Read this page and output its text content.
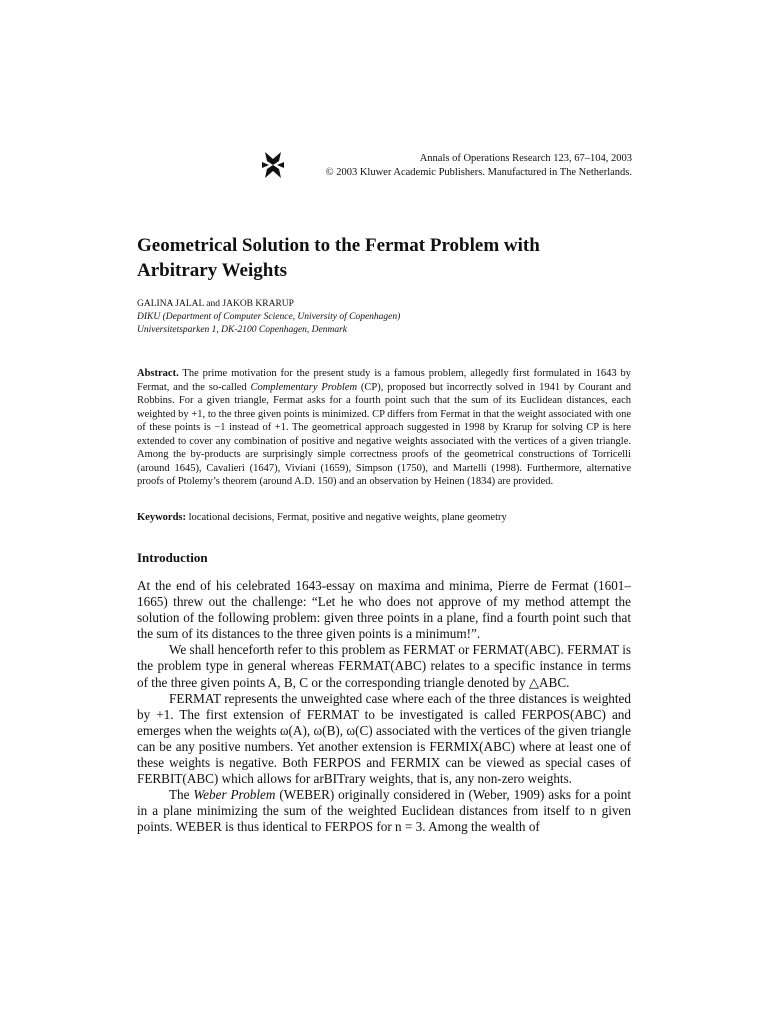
Annals of Operations Research 123, 67–104, 2003
© 2003 Kluwer Academic Publishers. Manufactured in The Netherlands.
Geometrical Solution to the Fermat Problem with
Arbitrary Weights
GALINA JALAL and JAKOB KRARUP
DIKU (Department of Computer Science, University of Copenhagen)
Universitetsparken 1, DK-2100 Copenhagen, Denmark
Abstract. The prime motivation for the present study is a famous problem, allegedly first formulated in 1643 by Fermat, and the so-called Complementary Problem (CP), proposed but incorrectly solved in 1941 by Courant and Robbins. For a given triangle, Fermat asks for a fourth point such that the sum of its Euclidean distances, each weighted by +1, to the three given points is minimized. CP differs from Fermat in that the weight associated with one of these points is −1 instead of +1. The geometrical approach suggested in 1998 by Krarup for solving CP is here extended to cover any combination of positive and negative weights associated with the vertices of a given triangle. Among the by-products are surprisingly simple correctness proofs of the geometrical constructions of Torricelli (around 1645), Cavalieri (1647), Viviani (1659), Simpson (1750), and Martelli (1998). Furthermore, alternative proofs of Ptolemy’s theorem (around A.D. 150) and an observation by Heinen (1834) are provided.
Keywords: locational decisions, Fermat, positive and negative weights, plane geometry
Introduction

At the end of his celebrated 1643-essay on maxima and minima, Pierre de Fermat (1601–1665) threw out the challenge: “Let he who does not approve of my method attempt the solution of the following problem: given three points in a plane, find a fourth point such that the sum of its distances to the three given points is a minimum!”.

We shall henceforth refer to this problem as FERMAT or FERMAT(ABC). FERMAT is the problem type in general whereas FERMAT(ABC) relates to a specific instance in terms of the three given points A, B, C or the corresponding triangle denoted by △ABC.

FERMAT represents the unweighted case where each of the three distances is weighted by +1. The first extension of FERMAT to be investigated is called FERPOS(ABC) and emerges when the weights ω(A), ω(B), ω(C) associated with the vertices of the given triangle can be any positive numbers. Yet another extension is FERMIX(ABC) where at least one of these weights is negative. Both FERPOS and FERMIX can be viewed as special cases of FERBIT(ABC) which allows for arBITrary weights, that is, any non-zero weights.

The Weber Problem (WEBER) originally considered in (Weber, 1909) asks for a point in a plane minimizing the sum of the weighted Euclidean distances from itself to n given points. WEBER is thus identical to FERPOS for n = 3. Among the wealth of
